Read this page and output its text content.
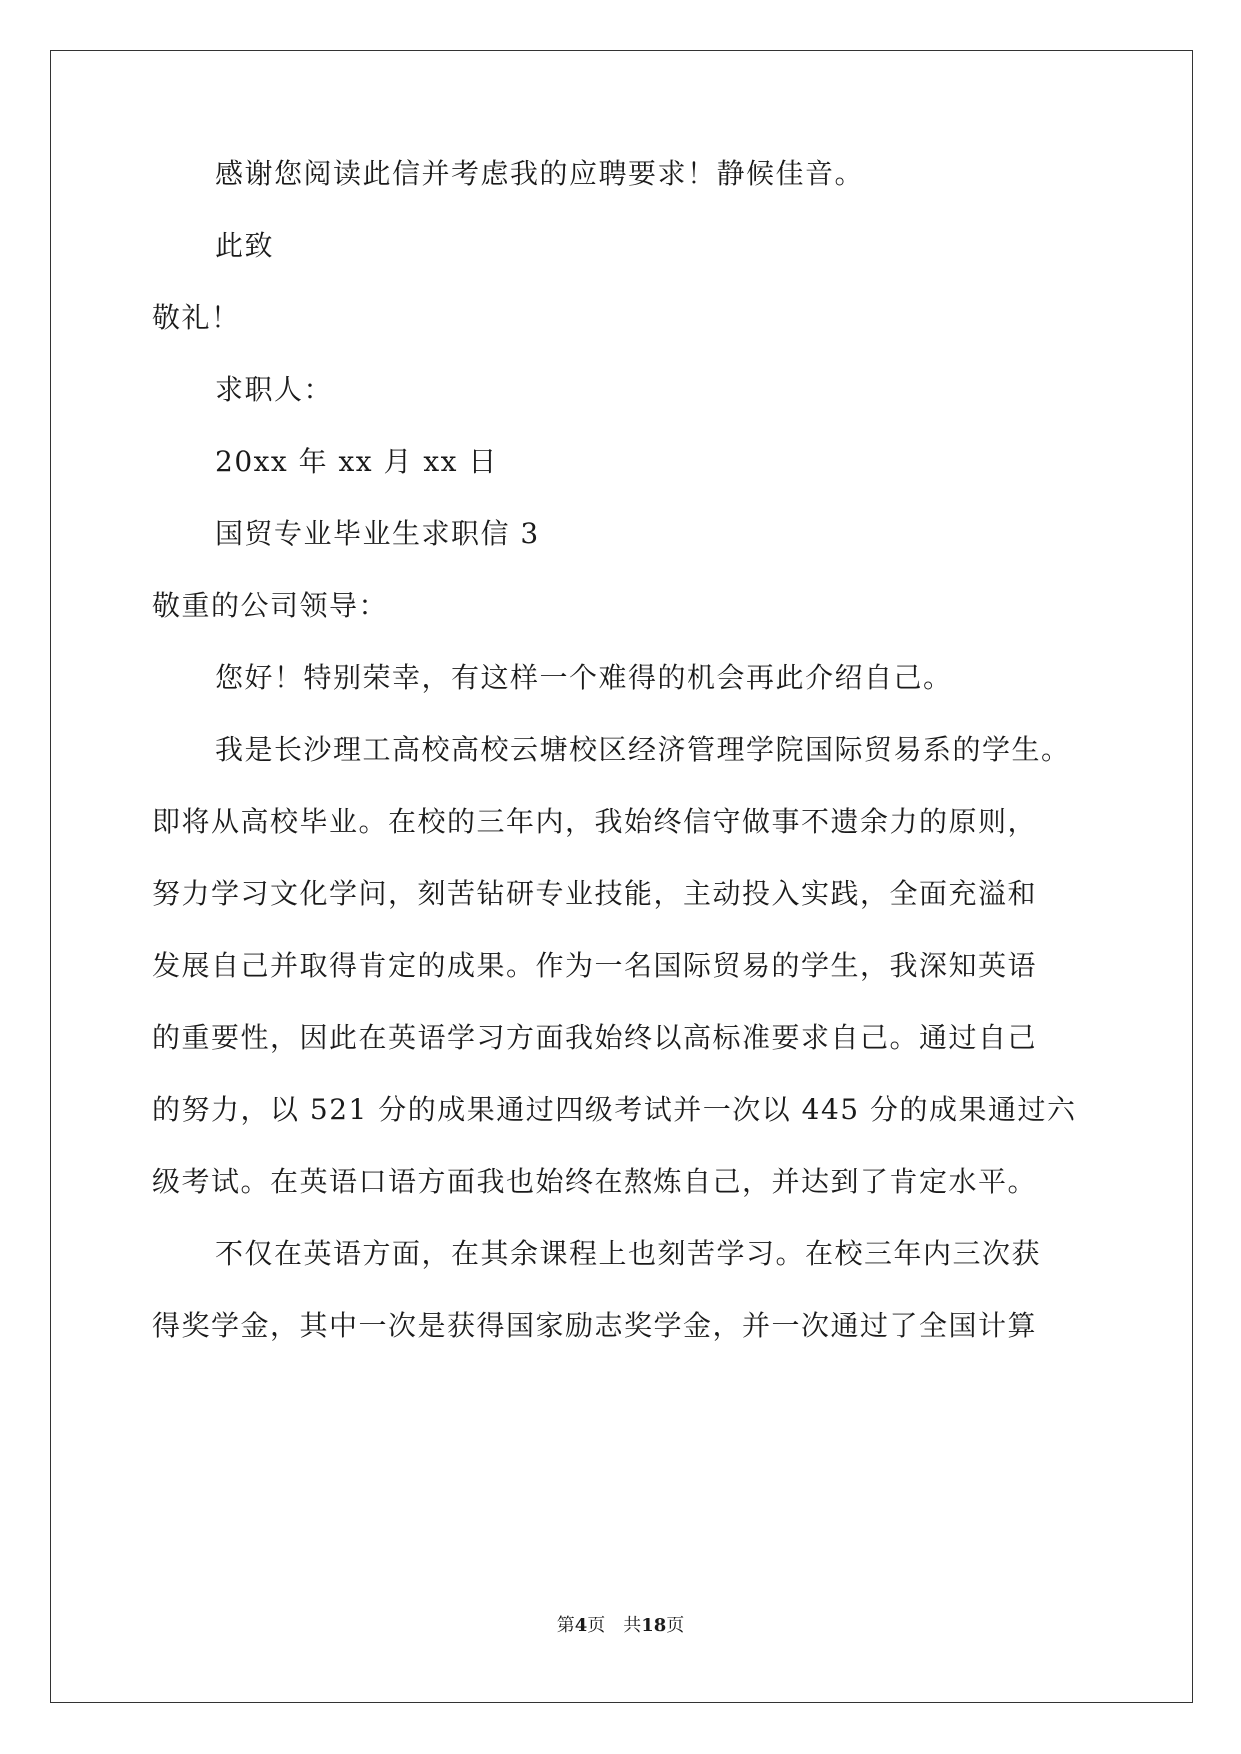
感谢您阅读此信并考虑我的应聘要求！静候佳音。
此致
敬礼！
求职人：
20xx 年 xx 月 xx 日
国贸专业毕业生求职信 3
敬重的公司领导：
您好！特别荣幸，有这样一个难得的机会再此介绍自己。
我是长沙理工高校高校云塘校区经济管理学院国际贸易系的学生。
即将从高校毕业。在校的三年内，我始终信守做事不遗余力的原则，
努力学习文化学问，刻苦钻研专业技能，主动投入实践，全面充溢和
发展自己并取得肯定的成果。作为一名国际贸易的学生，我深知英语
的重要性，因此在英语学习方面我始终以高标准要求自己。通过自己
的努力，以 521 分的成果通过四级考试并一次以 445 分的成果通过六
级考试。在英语口语方面我也始终在熬炼自己，并达到了肯定水平。
不仅在英语方面，在其余课程上也刻苦学习。在校三年内三次获
得奖学金，其中一次是获得国家励志奖学金，并一次通过了全国计算
第4页 共18页
